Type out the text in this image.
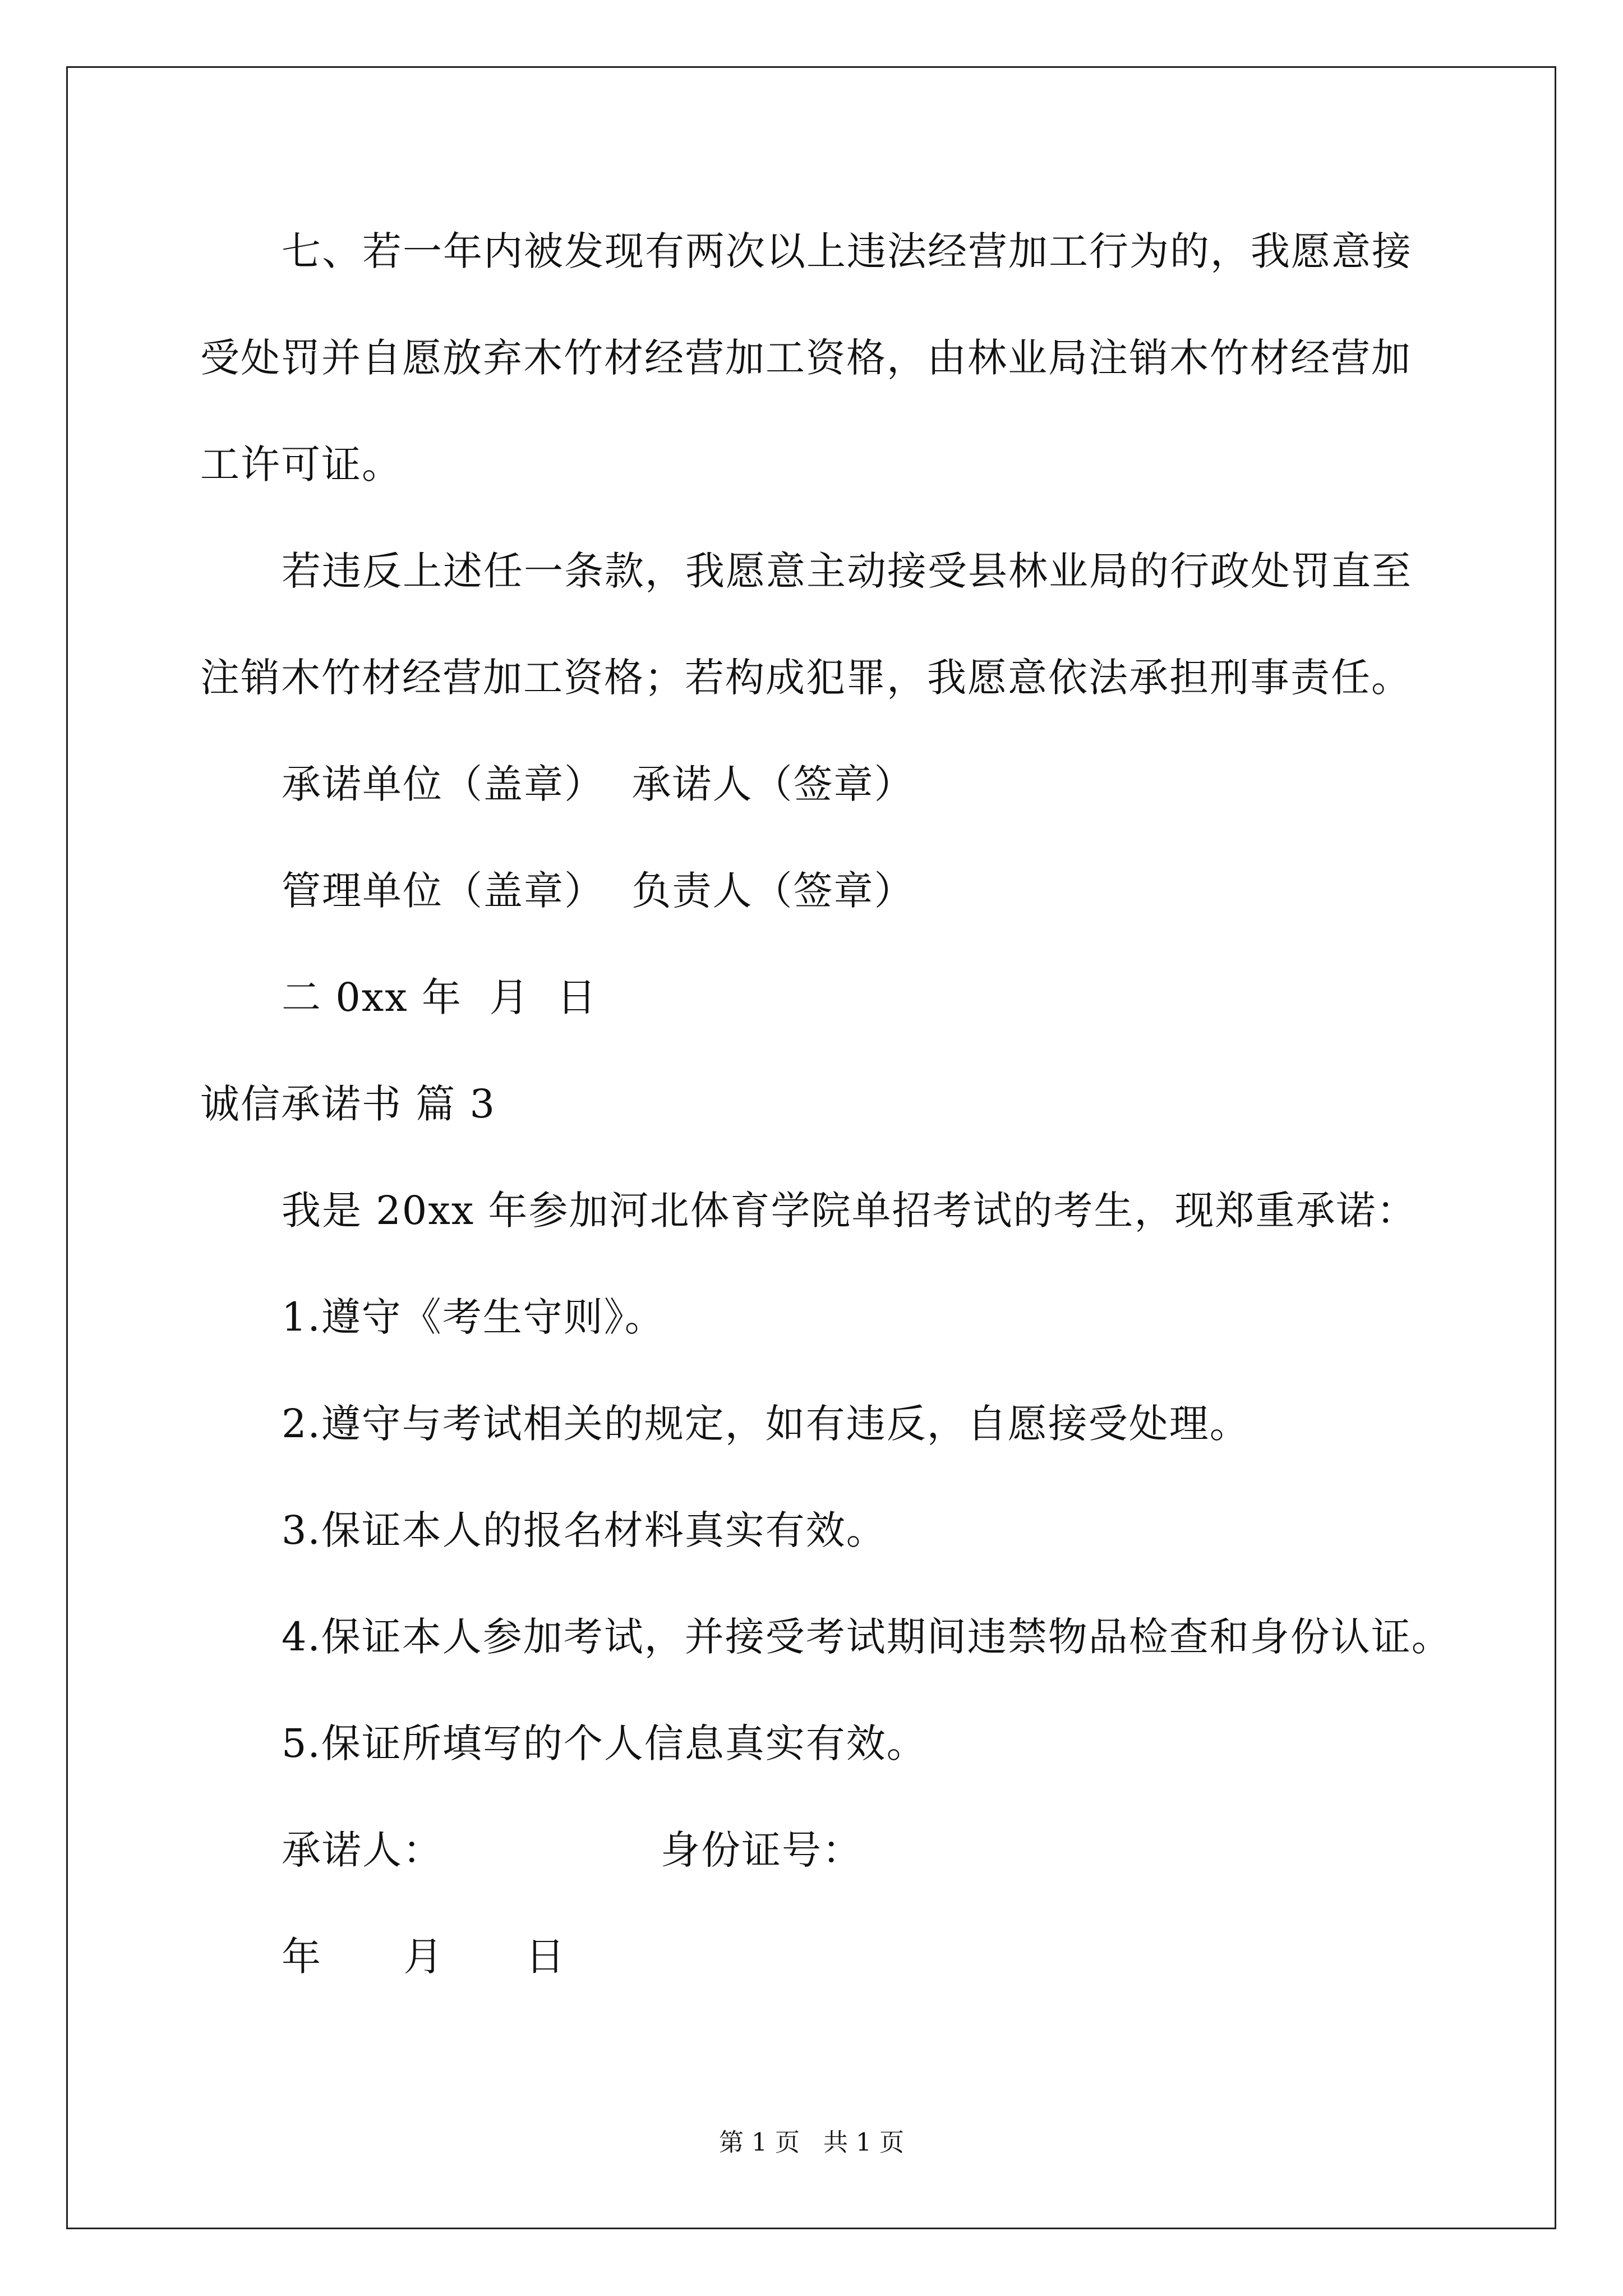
七、若一年内被发现有两次以上违法经营加工行为的，我愿意接
受处罚并自愿放弃木竹材经营加工资格，由林业局注销木竹材经营加
工许可证。
若违反上述任一条款，我愿意主动接受县林业局的行政处罚直至
注销木竹材经营加工资格；若构成犯罪，我愿意依法承担刑事责任。
承诺单位（盖章）  承诺人（签章）
管理单位（盖章）  负责人（签章）
二 0xx 年  月  日
诚信承诺书 篇 3
我是 20xx 年参加河北体育学院单招考试的考生，现郑重承诺：
1.遵守《考生守则》。
2.遵守与考试相关的规定，如有违反，自愿接受处理。
3.保证本人的报名材料真实有效。
4.保证本人参加考试，并接受考试期间违禁物品检查和身份认证。
5.保证所填写的个人信息真实有效。
承诺人：                身份证号：
年      月      日
第 1 页   共 1 页
